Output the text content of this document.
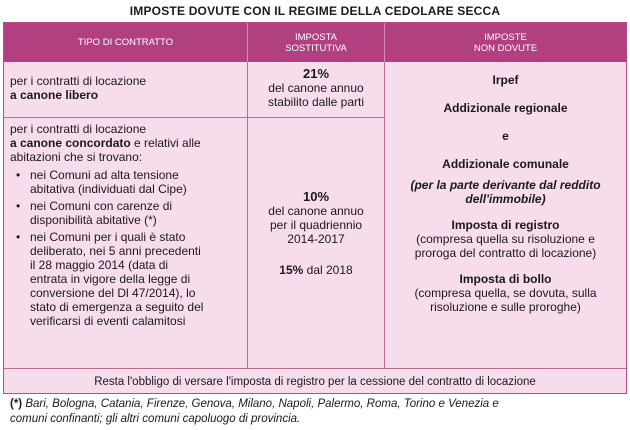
IMPOSTE DOVUTE CON IL REGIME DELLA CEDOLARE SECCA
TIPO DI CONTRATTO	IMPOSTA
SOSTITUTIVA
IMPOSTE
NON DOVUTE
per i contratti di locazione
a canone libero
21%
del canone annuo
stabilito dalle parti
per i contratti di locazione
a canone concordato e relativi alle
abitazioni che si trovano:
• nei Comuni ad alta tensione
abitativa (individuati dal Cipe)
• nei Comuni con carenze di
disponibilità abitative (*)
• nei Comuni per i quali è stato
deliberato, nei 5 anni precedenti
il 28 maggio 2014 (data di
entrata in vigore della legge di
conversione del Dl 47/2014), lo
stato di emergenza a seguito del
verificarsi di eventi calamitosi
10%
del canone annuo
per il quadriennio
2014-2017
15% dal 2018
Irpef
Addizionale regionale
e
Addizionale comunale
(per la parte derivante dal reddito
dell'immobile)
Imposta di registro
(compresa quella su risoluzione e
proroga del contratto di locazione)
Imposta di bollo
(compresa quella, se dovuta, sulla
risoluzione e sulle proroghe)
Resta l'obbligo di versare l'imposta di registro per la cessione del contratto di locazione
(*) Bari, Bologna, Catania, Firenze, Genova, Milano, Napoli, Palermo, Roma, Torino e Venezia e
comuni confinanti; gli altri comuni capoluogo di provincia.
